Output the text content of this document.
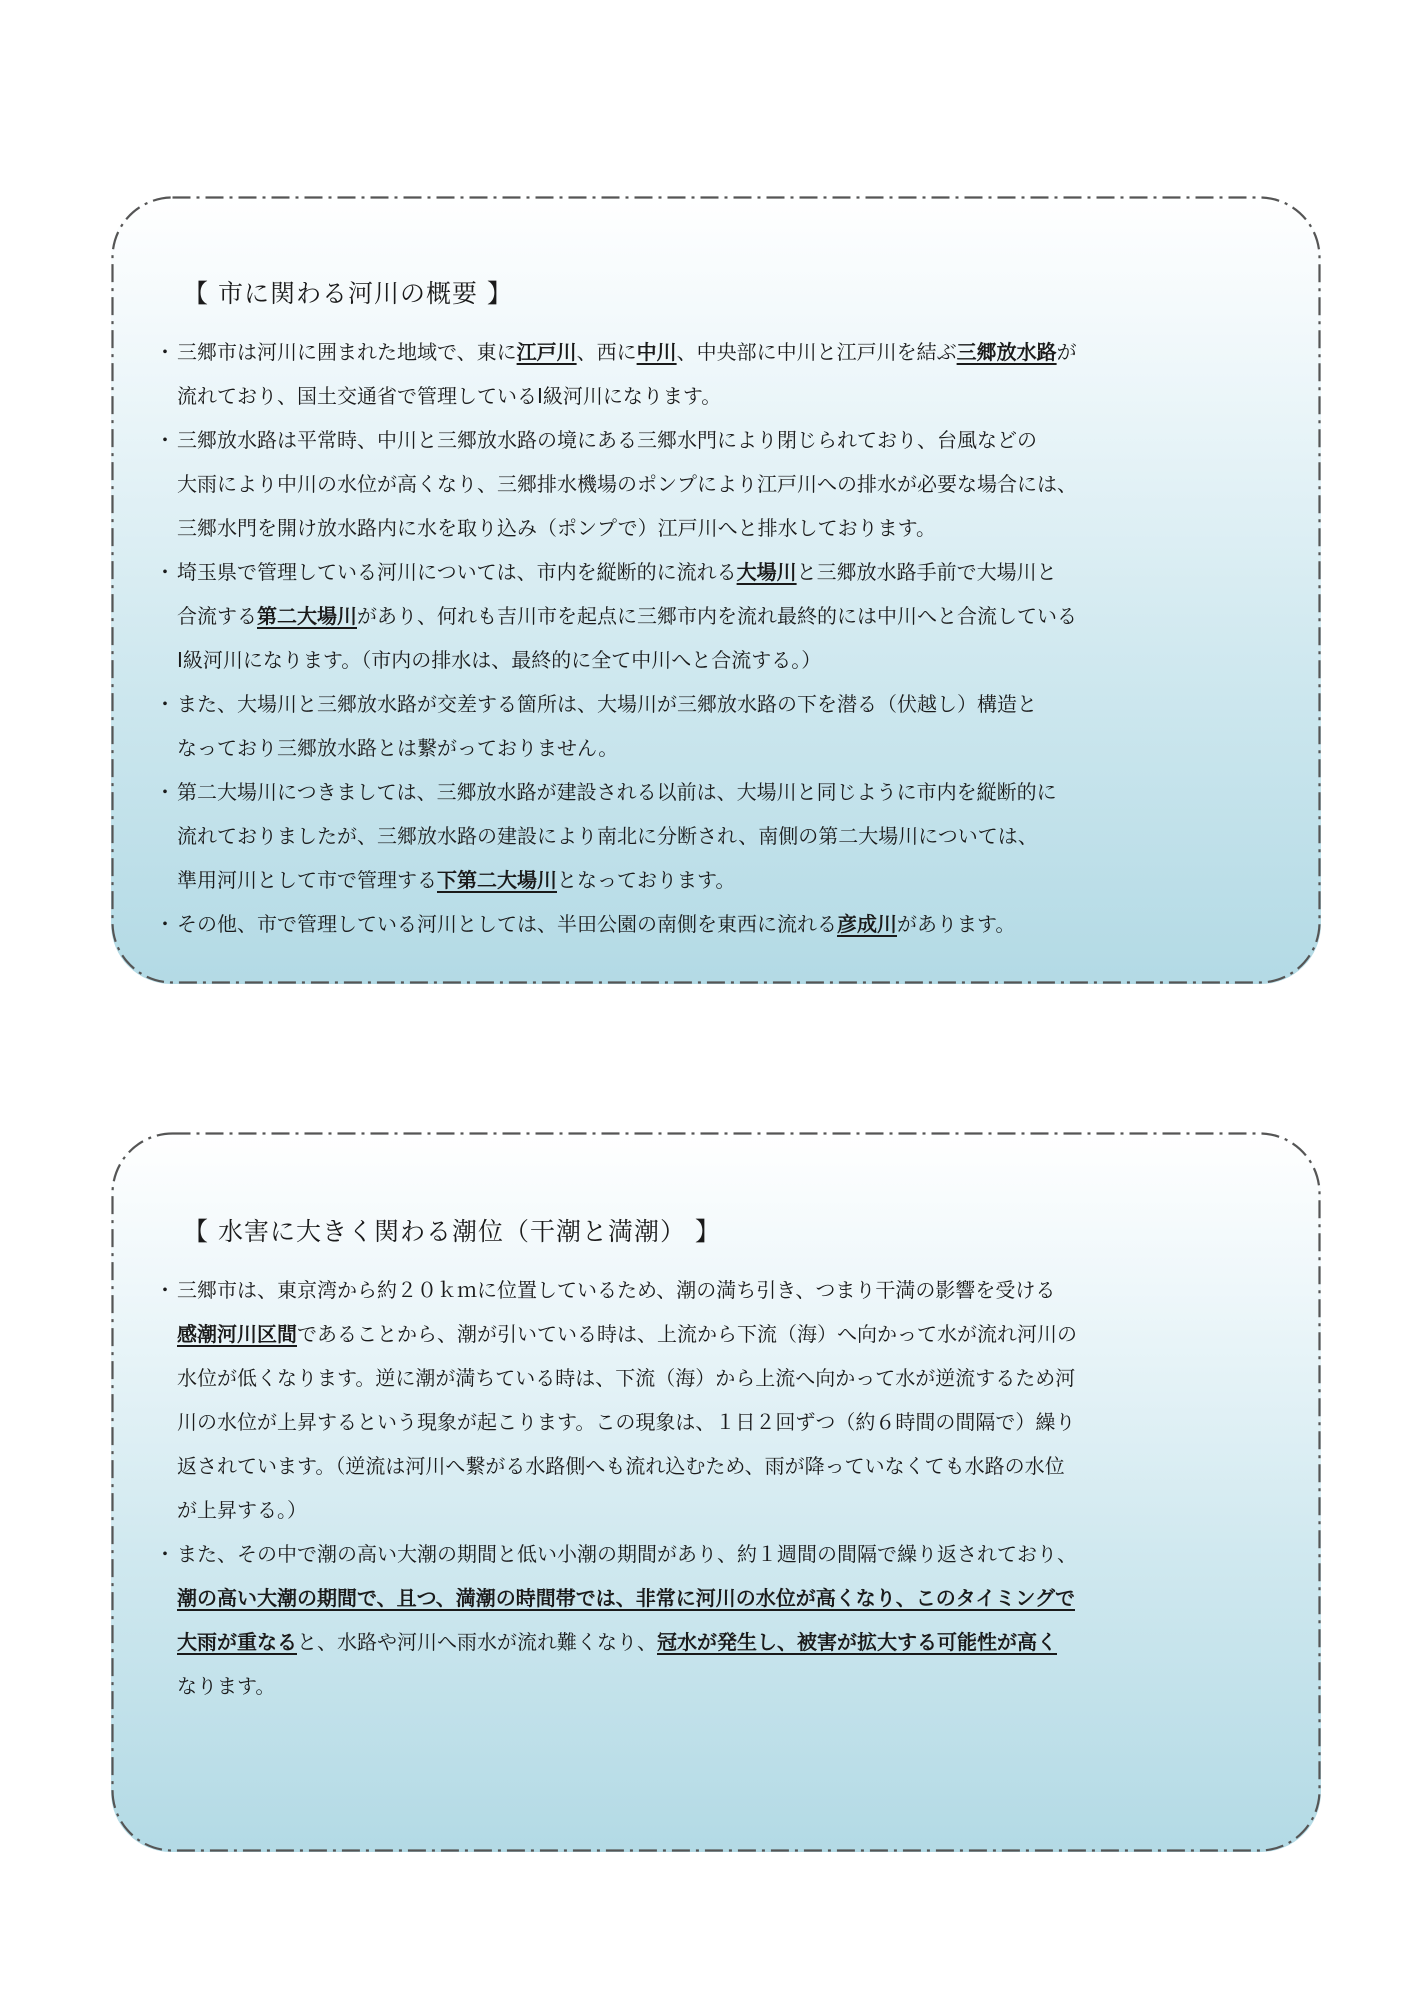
【 市に関わる河川の概要 】
・ 三郷市は河川に囲まれた地域で、東に江戸川、西に中川、中央部に中川と江戸川を結ぶ三郷放水路が
流れており、国土交通省で管理しているⅠ級河川になります。
・ 三郷放水路は平常時、中川と三郷放水路の境にある三郷水門により閉じられており、台風などの
大雨により中川の水位が高くなり、三郷排水機場のポンプにより江戸川への排水が必要な場合には、
三郷水門を開け放水路内に水を取り込み（ポンプで）江戸川へと排水しております。
・ 埼玉県で管理している河川については、市内を縦断的に流れる大場川と三郷放水路手前で大場川と
合流する第二大場川があり、何れも吉川市を起点に三郷市内を流れ最終的には中川へと合流している
Ⅰ級河川になります。（市内の排水は、最終的に全て中川へと合流する。）
・ また、大場川と三郷放水路が交差する箇所は、大場川が三郷放水路の下を潜る（伏越し）構造と
なっており三郷放水路とは繋がっておりません。
・ 第二大場川につきましては、三郷放水路が建設される以前は、大場川と同じように市内を縦断的に
流れておりましたが、三郷放水路の建設により南北に分断され、南側の第二大場川については、
準用河川として市で管理する下第二大場川となっております。
・ その他、市で管理している河川としては、半田公園の南側を東西に流れる彦成川があります。
【 水害に大きく関わる潮位（干潮と満潮） 】
・ 三郷市は、東京湾から約２０ｋｍに位置しているため、潮の満ち引き、つまり干満の影響を受ける
感潮河川区間であることから、潮が引いている時は、上流から下流（海）へ向かって水が流れ河川の
水位が低くなります。逆に潮が満ちている時は、下流（海）から上流へ向かって水が逆流するため河
川の水位が上昇するという現象が起こります。この現象は、１日２回ずつ（約６時間の間隔で）繰り
返されています。（逆流は河川へ繋がる水路側へも流れ込むため、雨が降っていなくても水路の水位
が上昇する。）
・ また、その中で潮の高い大潮の期間と低い小潮の期間があり、約１週間の間隔で繰り返されており、
潮の高い大潮の期間で、且つ、満潮の時間帯では、非常に河川の水位が高くなり、このタイミングで
大雨が重なると、水路や河川へ雨水が流れ難くなり、冠水が発生し、被害が拡大する可能性が高く
なります。
